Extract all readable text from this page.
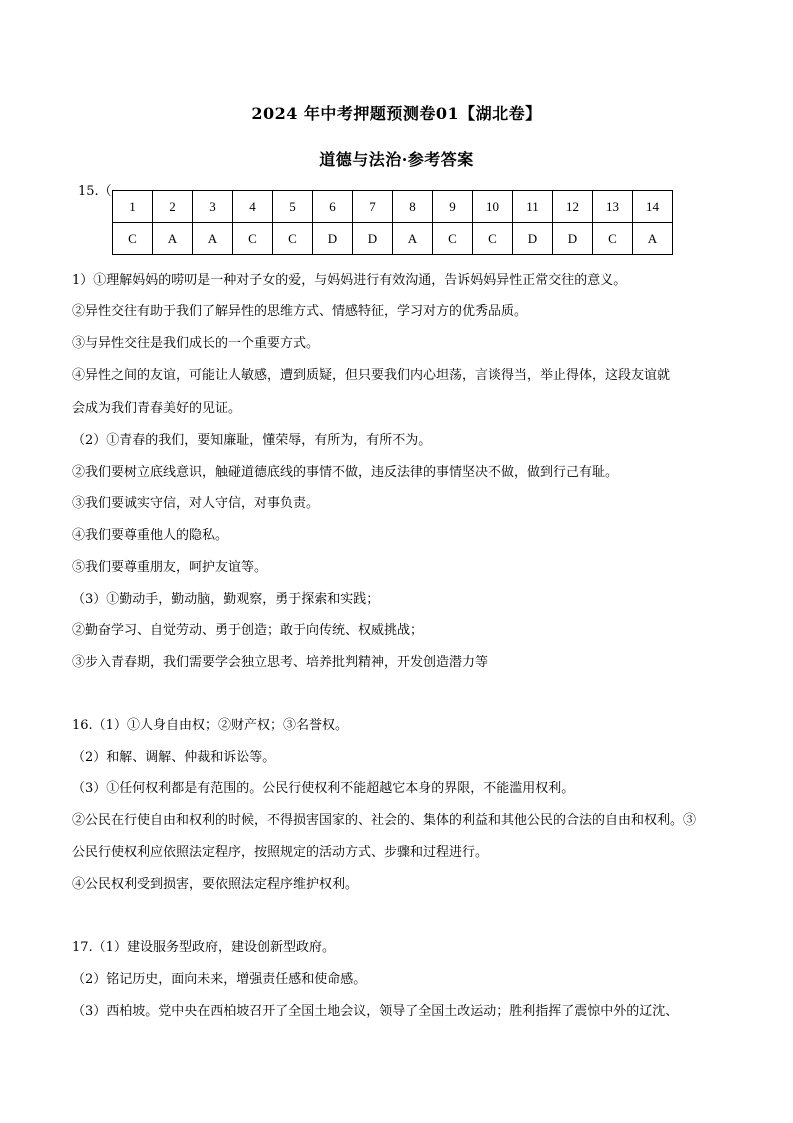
2024 年中考押题预测卷01【湖北卷】
道德与法治·参考答案
15.（
1	2	3	4	5	6	7	8	9	10	11	12	13	14
C	A	A	C	C	D	D	A	C	C	D	D	C	A
1）①理解妈妈的唠叨是一种对子女的爱，与妈妈进行有效沟通，告诉妈妈异性正常交往的意义。
②异性交往有助于我们了解异性的思维方式、情感特征，学习对方的优秀品质。
③与异性交往是我们成长的一个重要方式。
④异性之间的友谊，可能让人敏感，遭到质疑，但只要我们内心坦荡，言谈得当，举止得体，这段友谊就
会成为我们青春美好的见证。
（2）①青春的我们，要知廉耻，懂荣辱，有所为，有所不为。
②我们要树立底线意识，触碰道德底线的事情不做，违反法律的事情坚决不做，做到行己有耻。
③我们要诚实守信，对人守信，对事负责。
④我们要尊重他人的隐私。
⑤我们要尊重朋友，呵护友谊等。
（3）①勤动手，勤动脑，勤观察，勇于探索和实践；
②勤奋学习、自觉劳动、勇于创造；敢于向传统、权威挑战；
③步入青春期，我们需要学会独立思考、培养批判精神，开发创造潜力等
16.（1）①人身自由权；②财产权；③名誉权。
（2）和解、调解、仲裁和诉讼等。
（3）①任何权利都是有范围的。公民行使权利不能超越它本身的界限，不能滥用权利。
②公民在行使自由和权利的时候，不得损害国家的、社会的、集体的利益和其他公民的合法的自由和权利。③
公民行使权利应依照法定程序，按照规定的活动方式、步骤和过程进行。
④公民权利受到损害，要依照法定程序维护权利。
17.（1）建设服务型政府，建设创新型政府。
（2）铭记历史，面向未来，增强责任感和使命感。
（3）西柏坡。党中央在西柏坡召开了全国土地会议，领导了全国土改运动；胜利指挥了震惊中外的辽沈、
